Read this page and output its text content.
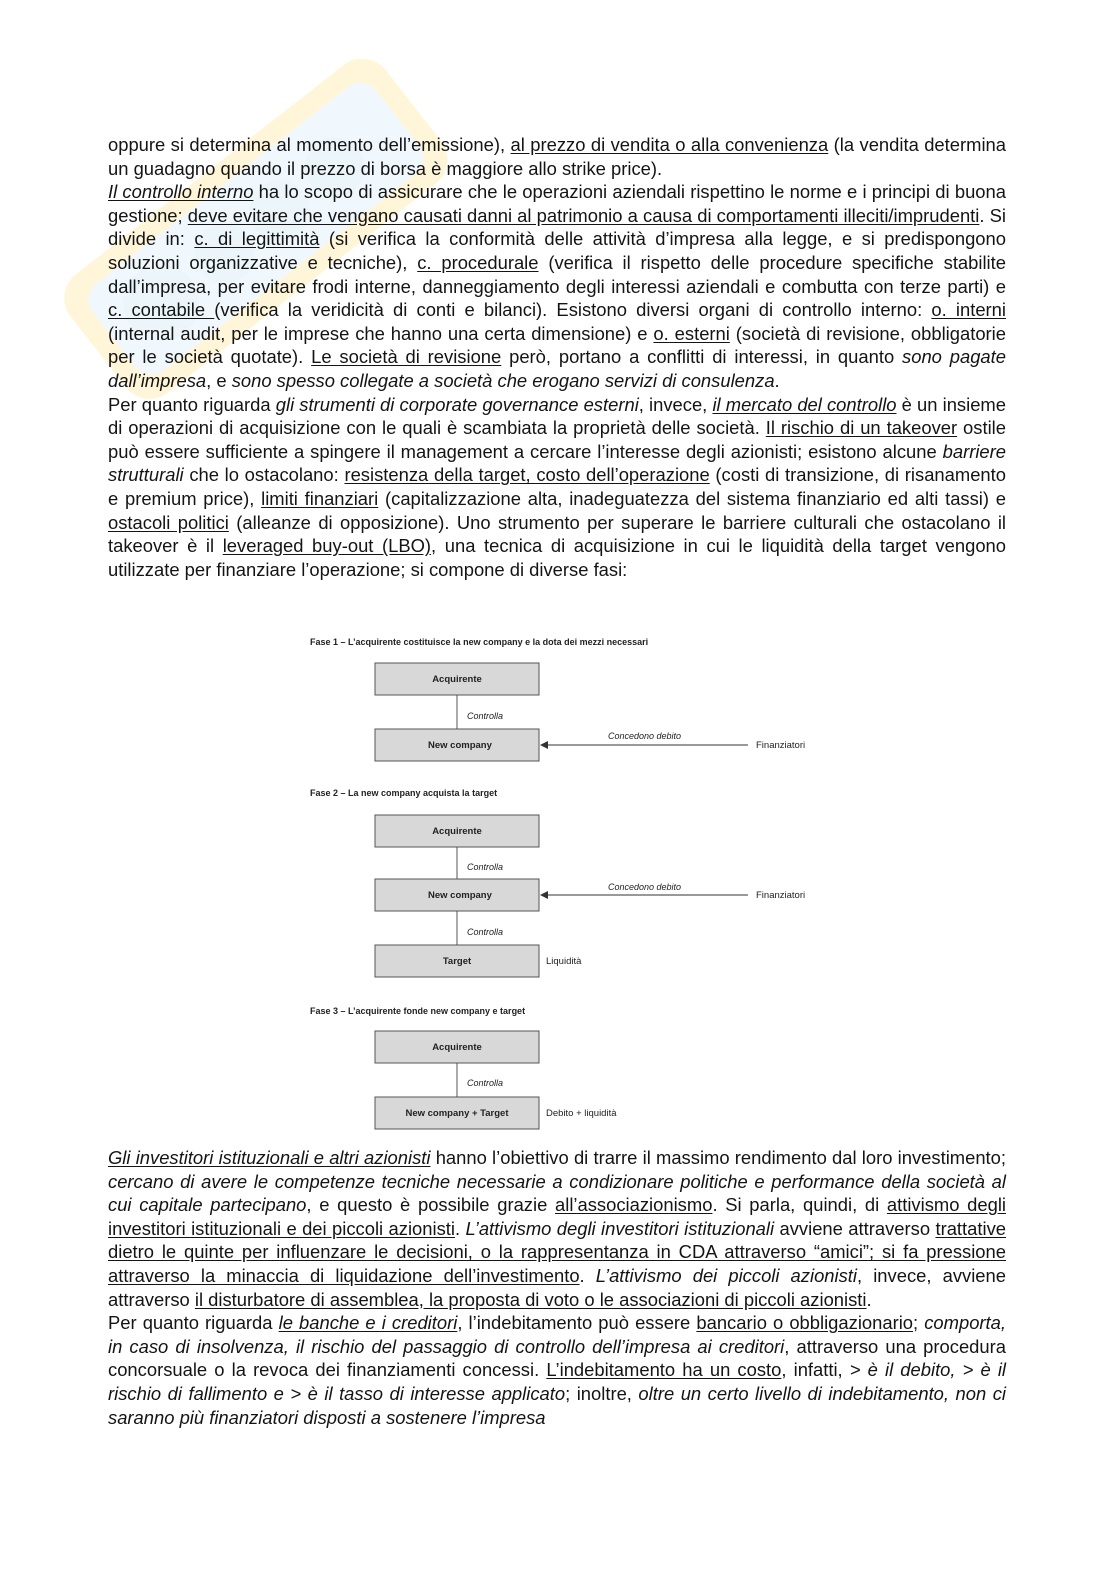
oppure si determina al momento dell’emissione), al prezzo di vendita o alla convenienza (la vendita determina un guadagno quando il prezzo di borsa è maggiore allo strike price).

Il controllo interno ha lo scopo di assicurare che le operazioni aziendali rispettino le norme e i principi di buona gestione; deve evitare che vengano causati danni al patrimonio a causa di comportamenti illeciti/imprudenti. Si divide in: c. di legittimità (si verifica la conformità delle attività d’impresa alla legge, e si predispongono soluzioni organizzative e tecniche), c. procedurale (verifica il rispetto delle procedure specifiche stabilite dall’impresa, per evitare frodi interne, danneggiamento degli interessi aziendali e combutta con terze parti) e c. contabile (verifica la veridicità di conti e bilanci). Esistono diversi organi di controllo interno: o. interni (internal audit, per le imprese che hanno una certa dimensione) e o. esterni (società di revisione, obbligatorie per le società quotate). Le società di revisione però, portano a conflitti di interessi, in quanto sono pagate dall’impresa, e sono spesso collegate a società che erogano servizi di consulenza.

Per quanto riguarda gli strumenti di corporate governance esterni, invece, il mercato del controllo è un insieme di operazioni di acquisizione con le quali è scambiata la proprietà delle società. Il rischio di un takeover ostile può essere sufficiente a spingere il management a cercare l’interesse degli azionisti; esistono alcune barriere strutturali che lo ostacolano: resistenza della target, costo dell’operazione (costi di transizione, di risanamento e premium price), limiti finanziari (capitalizzazione alta, inadeguatezza del sistema finanziario ed alti tassi) e ostacoli politici (alleanze di opposizione). Uno strumento per superare le barriere culturali che ostacolano il takeover è il leveraged buy-out (LBO), una tecnica di acquisizione in cui le liquidità della target vengono utilizzate per finanziare l’operazione; si compone di diverse fasi:

Fase 1 – L’acquirente costituisce la new company e la dota dei mezzi necessari
Acquirente
Controlla
New company
Concedono debito
Finanziatori
Fase 2 – La new company acquista la target
Acquirente
Controlla
New company
Concedono debito
Finanziatori
Controlla
Target	Liquidità
Fase 3 – L’acquirente fonde new company e target
Acquirente
Controlla
New company + Target	Debito + liquidità

Gli investitori istituzionali e altri azionisti hanno l’obiettivo di trarre il massimo rendimento dal loro investimento; cercano di avere le competenze tecniche necessarie a condizionare politiche e performance della società al cui capitale partecipano, e questo è possibile grazie all’associazionismo. Si parla, quindi, di attivismo degli investitori istituzionali e dei piccoli azionisti. L’attivismo degli investitori istituzionali avviene attraverso trattative dietro le quinte per influenzare le decisioni, o la rappresentanza in CDA attraverso “amici”; si fa pressione attraverso la minaccia di liquidazione dell’investimento. L’attivismo dei piccoli azionisti, invece, avviene attraverso il disturbatore di assemblea, la proposta di voto o le associazioni di piccoli azionisti.

Per quanto riguarda le banche e i creditori, l’indebitamento può essere bancario o obbligazionario; comporta, in caso di insolvenza, il rischio del passaggio di controllo dell’impresa ai creditori, attraverso una procedura concorsuale o la revoca dei finanziamenti concessi. L’indebitamento ha un costo, infatti, > è il debito, > è il rischio di fallimento e > è il tasso di interesse applicato; inoltre, oltre un certo livello di indebitamento, non ci saranno più finanziatori disposti a sostenere l’impresa
